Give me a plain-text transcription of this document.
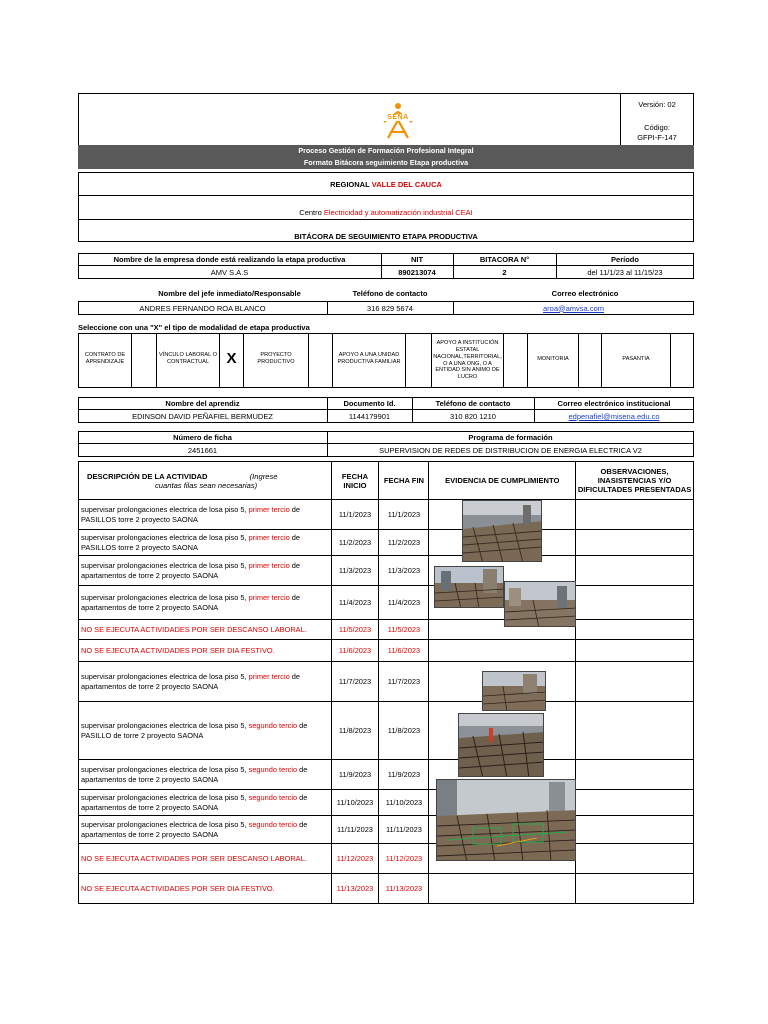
SENA
Versión: 02
Código:
GFPI-F-147
Proceso Gestión de Formación Profesional Integral
Formato Bitácora seguimiento Etapa productiva
REGIONAL
VALLE DEL CAUCA
Centro
Electricidad y automatización industrial CEAI
BITÁCORA DE SEGUIMIENTO ETAPA PRODUCTIVA
Nombre de la empresa donde está realizando la etapa productiva	NIT	BITACORA N°	Período
AMV S.A.S	890213074	2	del 11/1/23 al 11/15/23
Nombre del jefe inmediato/Responsable	Teléfono de contacto	Correo electrónico
ANDRES FERNANDO ROA BLANCO	316 829 5674	aroa@amvsa.com
Seleccione con una "X" el tipo de modalidad de etapa productiva
CONTRATO DE APRENDIZAJE
VÍNCULO LABORAL O CONTRACTUAL	X	PROYECTO PRODUCTIVO
APOYO A UNA UNIDAD PRODUCTIVA FAMILIAR
APOYO A INSTITUCIÓN ESTATAL NACIONAL,TERRITORIAL, O A UNA ONG, O A ENTIDAD SIN ANIMO DE LUCRO
MONITORIA	PASANTIA
Nombre del aprendiz	Documento Id.	Teléfono de contacto	Correo electrónico institucional
EDINSON DAVID PEÑAFIEL BERMUDEZ	1144179901	310 820 1210	edpenafiel@misena.edu.co
Número de ficha	Programa de formación
2451661	SUPERVISION DE REDES DE DISTRIBUCION DE ENERGIA ELECTRICA V2
DESCRIPCIÓN DE LA ACTIVIDAD (Ingrese
cuantas filas sean necesarias)	FECHA INICIO	FECHA FIN	EVIDENCIA DE CUMPLIMIENTO	OBSERVACIONES, INASISTENCIAS Y/O DIFICULTADES PRESENTADAS
supervisar prolongaciones electrica de losa piso 5, primer tercio de PASILLOS torre 2 proyecto SAONA	11/1/2023	11/1/2023		
supervisar prolongaciones electrica de losa piso 5, primer tercio de PASILLOS torre 2 proyecto SAONA	11/2/2023	11/2/2023		
supervisar prolongaciones electrica de losa piso 5, primer tercio de apartamentos de torre 2 proyecto SAONA	11/3/2023	11/3/2023		
supervisar prolongaciones electrica de losa piso 5, primer tercio de apartamentos de torre 2 proyecto SAONA	11/4/2023	11/4/2023		
NO SE EJECUTA ACTIVIDADES POR SER DESCANSO LABORAL.	11/5/2023	11/5/2023		
NO SE EJECUTA ACTIVIDADES POR SER DIA FESTIVO.	11/6/2023	11/6/2023		
supervisar prolongaciones electrica de losa piso 5, primer tercio de apartamentos de torre 2 proyecto SAONA	11/7/2023	11/7/2023		
supervisar prolongaciones electrica de losa piso 5, segundo tercio de PASILLO de torre 2 proyecto SAONA	11/8/2023	11/8/2023		
supervisar prolongaciones electrica de losa piso 5, segundo tercio de apartamentos de torre 2 proyecto SAONA	11/9/2023	11/9/2023		
supervisar prolongaciones electrica de losa piso 5, segundo tercio de apartamentos de torre 2 proyecto SAONA	11/10/2023	11/10/2023		
supervisar prolongaciones electrica de losa piso 5, segundo tercio de apartamentos de torre 2 proyecto SAONA	11/11/2023	11/11/2023		
NO SE EJECUTA ACTIVIDADES POR SER DESCANSO LABORAL.	11/12/2023	11/12/2023		
NO SE EJECUTA ACTIVIDADES POR SER DIA FESTIVO.	11/13/2023	11/13/2023		
